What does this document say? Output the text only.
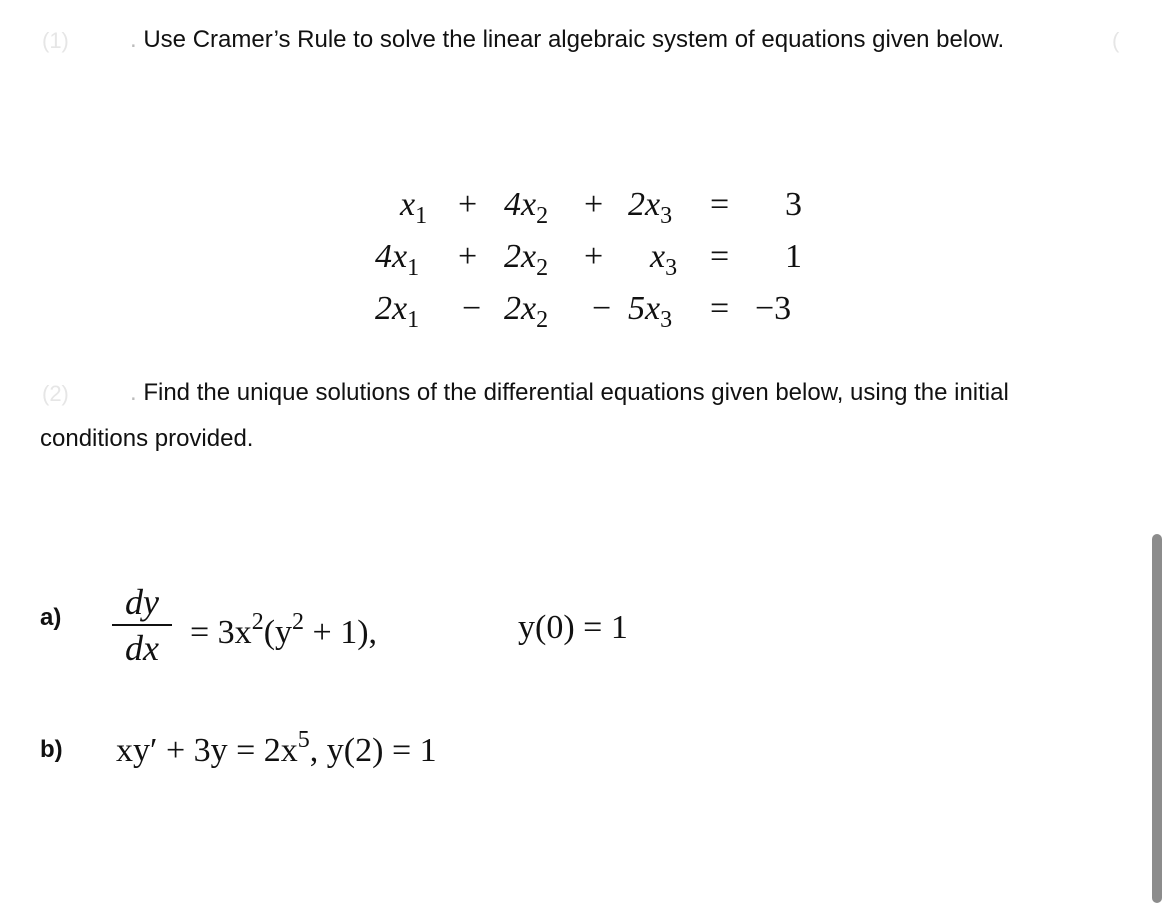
(1)	. Use Cramer’s Rule to solve the linear algebraic system of equations given below.	(
$x_1 + 4x_2 + 2x_3 = 3$
$4x_1 + 2x_2 + x_3 = 1$
$2x_1 - 2x_2 - 5x_3 = -3$
(2)	. Find the unique solutions of the differential equations given below, using the initial
conditions provided.
a)	dy
dx = $3x^2(y^2 + 1)$,	y(0) = 1
b) $xy' + 3y = 2x^5$, y(2) = 1
